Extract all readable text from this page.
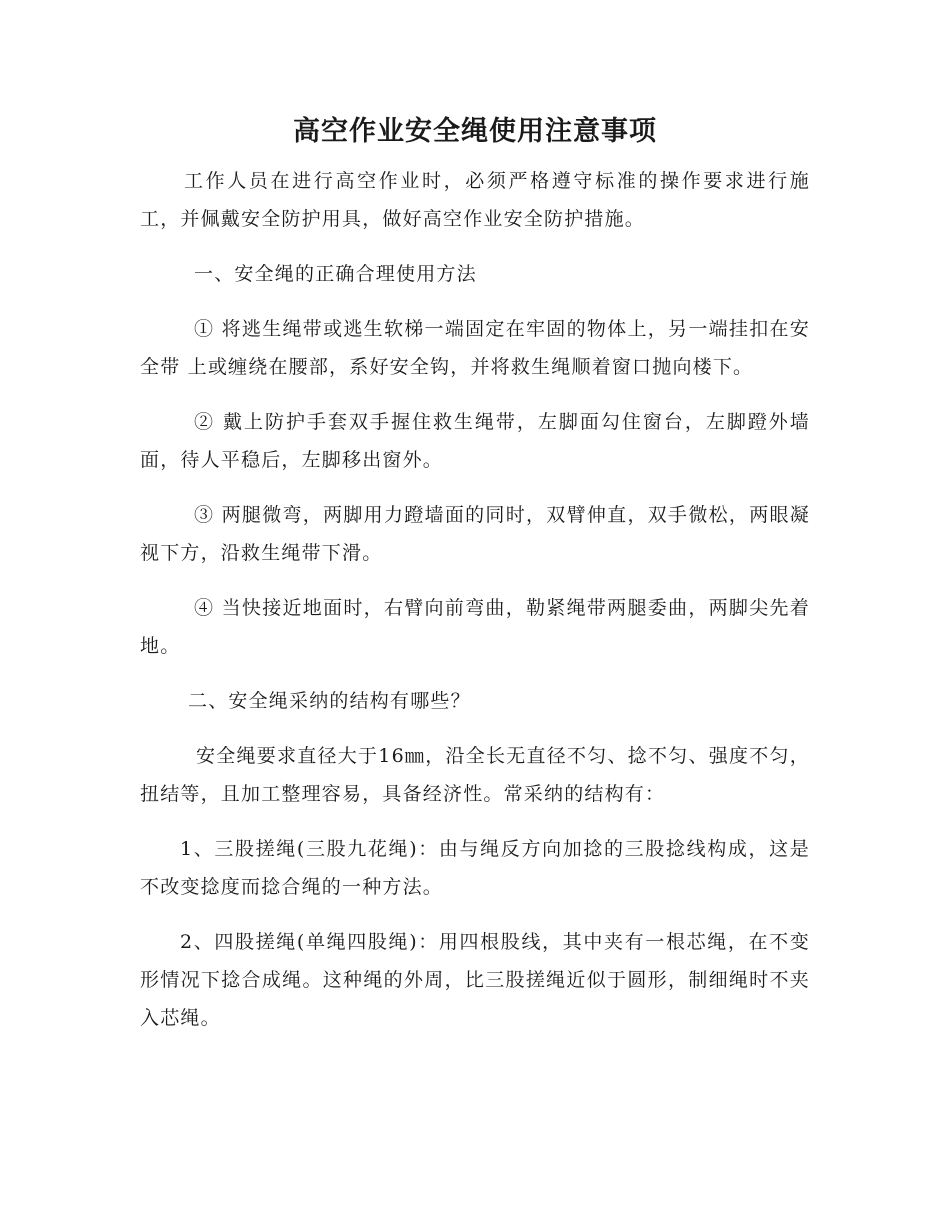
高空作业安全绳使用注意事项

工作人员在进行高空作业时，必须严格遵守标准的操作要求进行施工，并佩戴安全防护用具，做好高空作业安全防护措施。

一、安全绳的正确合理使用方法

① 将逃生绳带或逃生软梯一端固定在牢固的物体上，另一端挂扣在安全带 上或缠绕在腰部，系好安全钩，并将救生绳顺着窗口抛向楼下。

② 戴上防护手套双手握住救生绳带，左脚面勾住窗台，左脚蹬外墙面，待人平稳后，左脚移出窗外。

③ 两腿微弯，两脚用力蹬墙面的同时，双臂伸直，双手微松，两眼凝视下方，沿救生绳带下滑。

④ 当快接近地面时，右臂向前弯曲，勒紧绳带两腿委曲，两脚尖先着地。

二、安全绳采纳的结构有哪些？

安全绳要求直径大于16㎜，沿全长无直径不匀、捻不匀、强度不匀，扭结等，且加工整理容易，具备经济性。常采纳的结构有：

1、三股搓绳(三股九花绳)：由与绳反方向加捻的三股捻线构成，这是不改变捻度而捻合绳的一种方法。

2、四股搓绳(单绳四股绳)：用四根股线，其中夹有一根芯绳，在不变形情况下捻合成绳。这种绳的外周，比三股搓绳近似于圆形，制细绳时不夹入芯绳。
